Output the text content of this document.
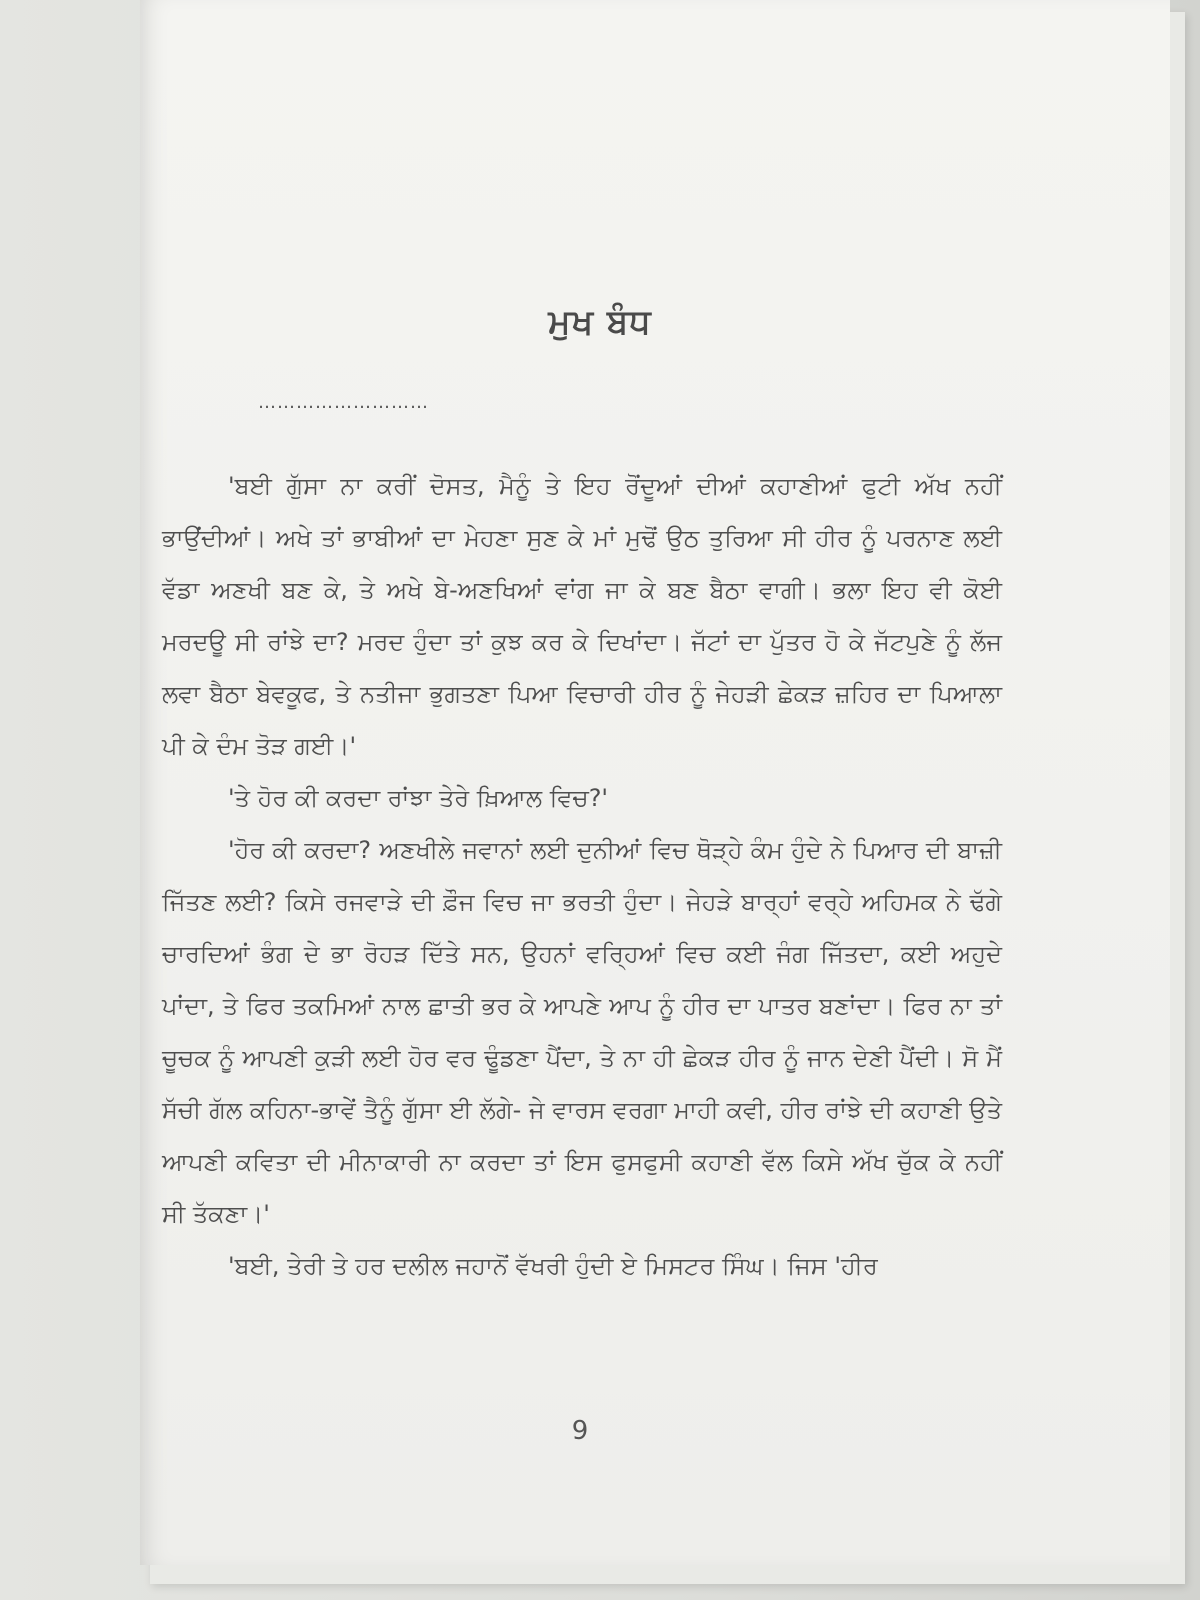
ਮੁਖ ਬੰਧ
………………………

'ਬਈ ਗੁੱਸਾ ਨਾ ਕਰੀਂ ਦੋਸਤ, ਮੈਨੂੰ ਤੇ ਇਹ ਰੋਂਦੂਆਂ ਦੀਆਂ ਕਹਾਣੀਆਂ ਫੁਟੀ ਅੱਖ ਨਹੀਂ ਭਾਉਂਦੀਆਂ। ਅਖੇ ਤਾਂ ਭਾਬੀਆਂ ਦਾ ਮੇਹਣਾ ਸੁਣ ਕੇ ਮਾਂ ਮੁਢੋਂ ਉਠ ਤੁਰਿਆ ਸੀ ਹੀਰ ਨੂੰ ਪਰਨਾਣ ਲਈ ਵੱਡਾ ਅਣਖੀ ਬਣ ਕੇ, ਤੇ ਅਖੇ ਬੇ-ਅਣਖਿਆਂ ਵਾਂਗ ਜਾ ਕੇ ਬਣ ਬੈਠਾ ਵਾਗੀ। ਭਲਾ ਇਹ ਵੀ ਕੋਈ ਮਰਦਊ ਸੀ ਰਾਂਝੇ ਦਾ? ਮਰਦ ਹੁੰਦਾ ਤਾਂ ਕੁਝ ਕਰ ਕੇ ਦਿਖਾਂਦਾ। ਜੱਟਾਂ ਦਾ ਪੁੱਤਰ ਹੋ ਕੇ ਜੱਟਪੁਣੇ ਨੂੰ ਲੱਜ ਲਵਾ ਬੈਠਾ ਬੇਵਕੂਫ, ਤੇ ਨਤੀਜਾ ਭੁਗਤਣਾ ਪਿਆ ਵਿਚਾਰੀ ਹੀਰ ਨੂੰ ਜੇਹੜੀ ਛੇਕੜ ਜ਼ਹਿਰ ਦਾ ਪਿਆਲਾ ਪੀ ਕੇ ਦੰਮ ਤੋੜ ਗਈ।'

'ਤੇ ਹੋਰ ਕੀ ਕਰਦਾ ਰਾਂਝਾ ਤੇਰੇ ਖ਼ਿਆਲ ਵਿਚ?'

'ਹੋਰ ਕੀ ਕਰਦਾ? ਅਣਖੀਲੇ ਜਵਾਨਾਂ ਲਈ ਦੁਨੀਆਂ ਵਿਚ ਥੋੜ੍ਹੇ ਕੰਮ ਹੁੰਦੇ ਨੇ ਪਿਆਰ ਦੀ ਬਾਜ਼ੀ ਜਿੱਤਣ ਲਈ? ਕਿਸੇ ਰਜਵਾੜੇ ਦੀ ਫ਼ੌਜ ਵਿਚ ਜਾ ਭਰਤੀ ਹੁੰਦਾ। ਜੇਹੜੇ ਬਾਰ੍ਹਾਂ ਵਰ੍ਹੇ ਅਹਿਮਕ ਨੇ ਢੱਗੇ ਚਾਰਦਿਆਂ ਭੰਗ ਦੇ ਭਾ ਰੋਹੜ ਦਿੱਤੇ ਸਨ, ਉਹਨਾਂ ਵਰ੍ਹਿਆਂ ਵਿਚ ਕਈ ਜੰਗ ਜਿੱਤਦਾ, ਕਈ ਅਹੁਦੇ ਪਾਂਦਾ, ਤੇ ਫਿਰ ਤਕਮਿਆਂ ਨਾਲ ਛਾਤੀ ਭਰ ਕੇ ਆਪਣੇ ਆਪ ਨੂੰ ਹੀਰ ਦਾ ਪਾਤਰ ਬਣਾਂਦਾ। ਫਿਰ ਨਾ ਤਾਂ ਚੂਚਕ ਨੂੰ ਆਪਣੀ ਕੁੜੀ ਲਈ ਹੋਰ ਵਰ ਢੂੰਡਣਾ ਪੈਂਦਾ, ਤੇ ਨਾ ਹੀ ਛੇਕੜ ਹੀਰ ਨੂੰ ਜਾਨ ਦੇਣੀ ਪੈਂਦੀ। ਸੋ ਮੈਂ ਸੱਚੀ ਗੱਲ ਕਹਿਨਾ-ਭਾਵੇਂ ਤੈਨੂੰ ਗੁੱਸਾ ਈ ਲੱਗੇ- ਜੇ ਵਾਰਸ ਵਰਗਾ ਮਾਹੀ ਕਵੀ, ਹੀਰ ਰਾਂਝੇ ਦੀ ਕਹਾਣੀ ਉਤੇ ਆਪਣੀ ਕਵਿਤਾ ਦੀ ਮੀਨਾਕਾਰੀ ਨਾ ਕਰਦਾ ਤਾਂ ਇਸ ਫੁਸਫੁਸੀ ਕਹਾਣੀ ਵੱਲ ਕਿਸੇ ਅੱਖ ਚੁੱਕ ਕੇ ਨਹੀਂ ਸੀ ਤੱਕਣਾ।'

'ਬਈ, ਤੇਰੀ ਤੇ ਹਰ ਦਲੀਲ ਜਹਾਨੋਂ ਵੱਖਰੀ ਹੁੰਦੀ ਏ ਮਿਸਟਰ ਸਿੰਘ। ਜਿਸ 'ਹੀਰ

9
